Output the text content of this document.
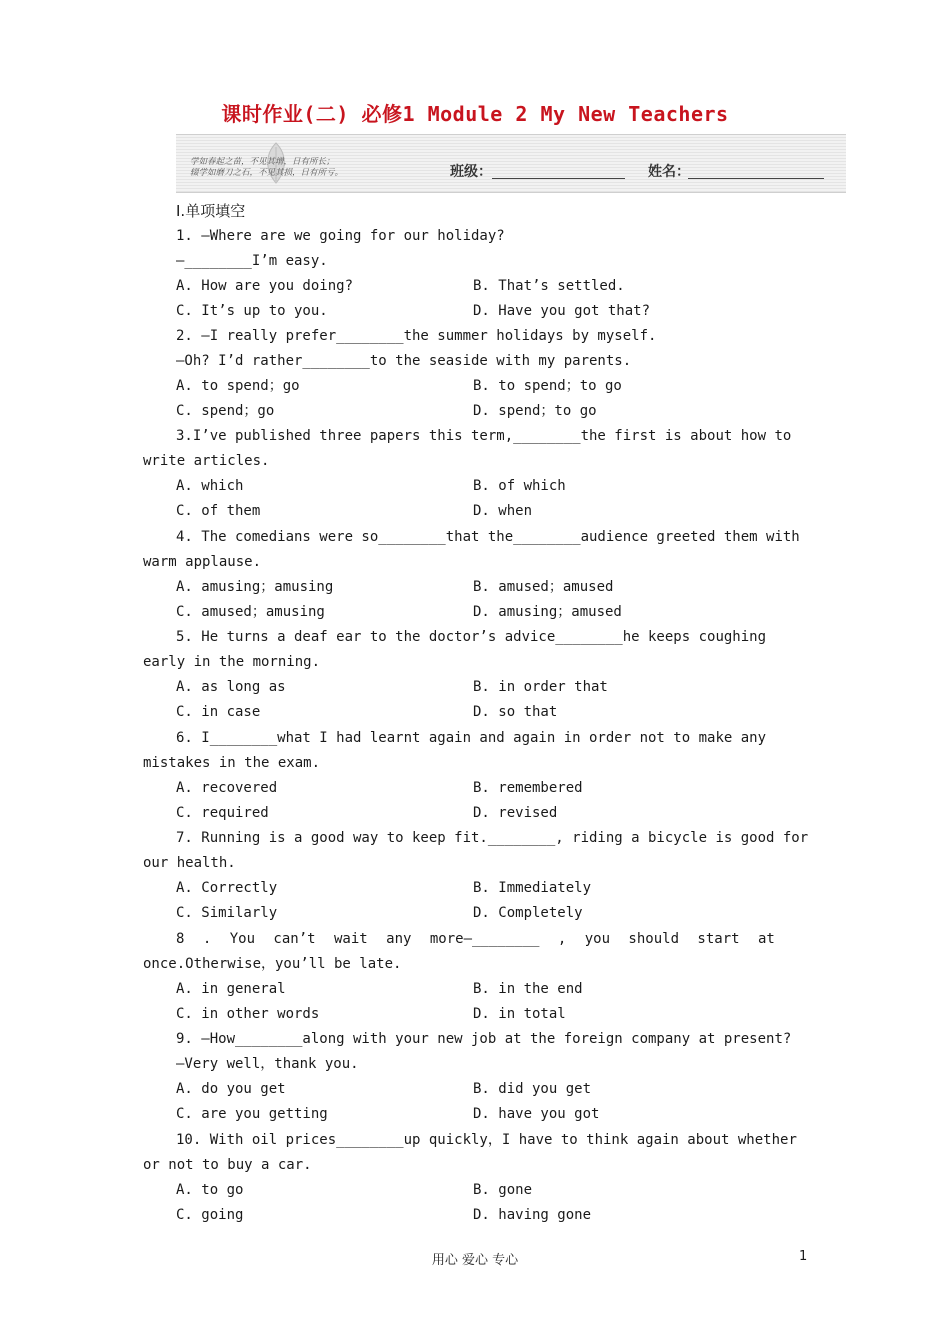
课时作业(二) 必修1 Module 2 My New Teachers
学如春起之苗，不见其增，日有所长；
辍学如磨刀之石，不见其损，日有所亏。	班级：	姓名：
Ⅰ.单项填空
1. —Where are we going for our holiday?
—________I’m easy.
A. How are you doing?	B. That’s settled.
C. It’s up to you.	D. Have you got that?
2. —I really prefer________the summer holidays by myself.
—Oh? I’d rather________to the seaside with my parents.
A. to spend；go	B. to spend；to go
C. spend；go	D. spend；to go
3.I’ve published three papers this term,________the first is about how to
write articles.
A. which	B. of which
C. of them	D. when
4. The comedians were so________that the________audience greeted them with
warm applause.
A. amusing；amusing	B. amused；amused
C. amused；amusing	D. amusing；amused
5. He turns a deaf ear to the doctor’s advice________he keeps coughing
early in the morning.
A. as long as	B. in order that
C. in case	D. so that
6. I________what I had learnt again and again in order not to make any
mistakes in the exam.
A. recovered	B. remembered
C. required	D. revised
7. Running is a good way to keep fit.________, riding a bicycle is good for
our health.
A. Correctly	B. Immediately
C. Similarly	D. Completely
8 . You can’t wait any more—________ , you should start at
once.Otherwise，you’ll be late.
A. in general	B. in the end
C. in other words	D. in total
9. —How________along with your new job at the foreign company at present?
—Very well，thank you.
A. do you get	B. did you get
C. are you getting	D. have you got
10. With oil prices________up quickly，I have to think again about whether
or not to buy a car.
A. to go	B. gone
C. going	D. having gone
用心 爱心 专心	1
